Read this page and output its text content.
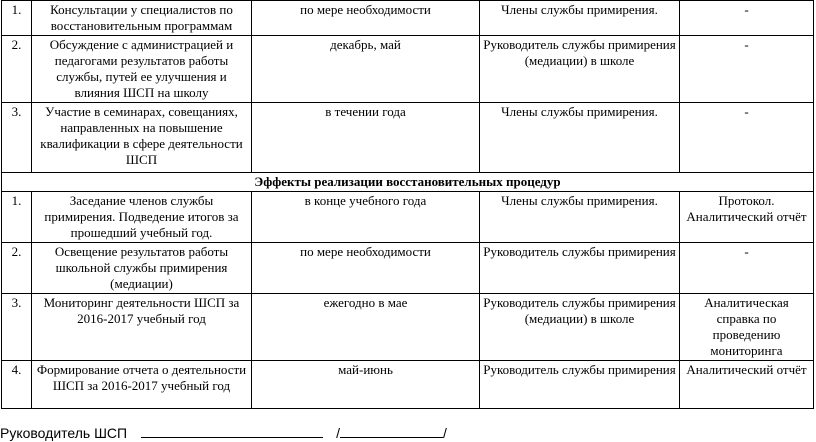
1.	Консультации у специалистов по восстановительным программам	по мере необходимости	Члены службы примирения.	-
2.	Обсуждение с администрацией и педагогами результатов работы службы, путей ее улучшения и влияния ШСП на школу	декабрь, май	Руководитель службы примирения (медиации) в школе	-
3.	Участие в семинарах, совещаниях, направленных на повышение квалификации в сфере деятельности ШСП	в течении года	Члены службы примирения.	-
Эффекты реализации восстановительных процедур				
1.	Заседание членов службы примирения. Подведение итогов за прошедший учебный год.	в конце учебного года	Члены службы примирения.	Протокол. Аналитический отчёт
2.	Освещение результатов работы школьной службы примирения (медиации)	по мере необходимости	Руководитель службы примирения	-
3.	Мониторинг деятельности ШСП за 2016-2017 учебный год	ежегодно в мае	Руководитель службы примирения (медиации) в школе	Аналитическая справка по проведению мониторинга
4.	Формирование отчета о деятельности ШСП за 2016-2017 учебный год	май-июнь	Руководитель службы примирения	Аналитический отчёт
Руководитель ШСП	/	/
